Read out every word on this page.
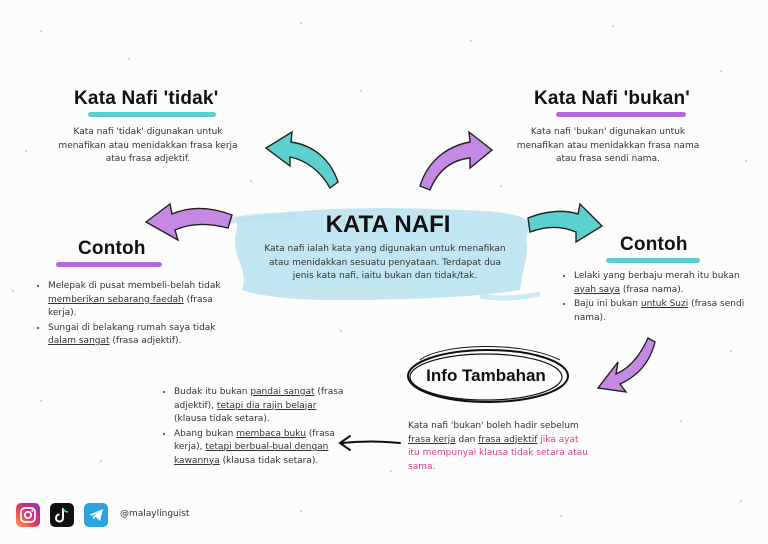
Kata Nafi 'tidak'
Kata nafi 'tidak' digunakan untuk menafikan atau menidakkan frasa kerja atau frasa adjektif.
Kata Nafi 'bukan'
Kata nafi 'bukan' digunakan untuk menafikan atau menidakkan frasa nama atau frasa sendi nama.
KATA NAFI
Kata nafi ialah kata yang digunakan untuk menafikan atau menidakkan sesuatu penyataan. Terdapat dua jenis kata nafi, iaitu bukan dan tidak/tak.
Contoh
• Melepak di pusat membeli-belah tidak memberikan sebarang faedah (frasa kerja).
• Sungai di belakang rumah saya tidak dalam sangat (frasa adjektif).
Contoh
• Lelaki yang berbaju merah itu bukan ayah saya (frasa nama).
• Baju ini bukan untuk Suzi (frasa sendi nama).
Info Tambahan
Kata nafi 'bukan' boleh hadir sebelum frasa kerja dan frasa adjektif jika ayat itu mempunyai klausa tidak setara atau sama.
• Budak itu bukan pandai sangat (frasa adjektif), tetapi dia rajin belajar (klausa tidak setara).
• Abang bukan membaca buku (frasa kerja), tetapi berbual-bual dengan kawannya (klausa tidak setara).
@malaylinguist
